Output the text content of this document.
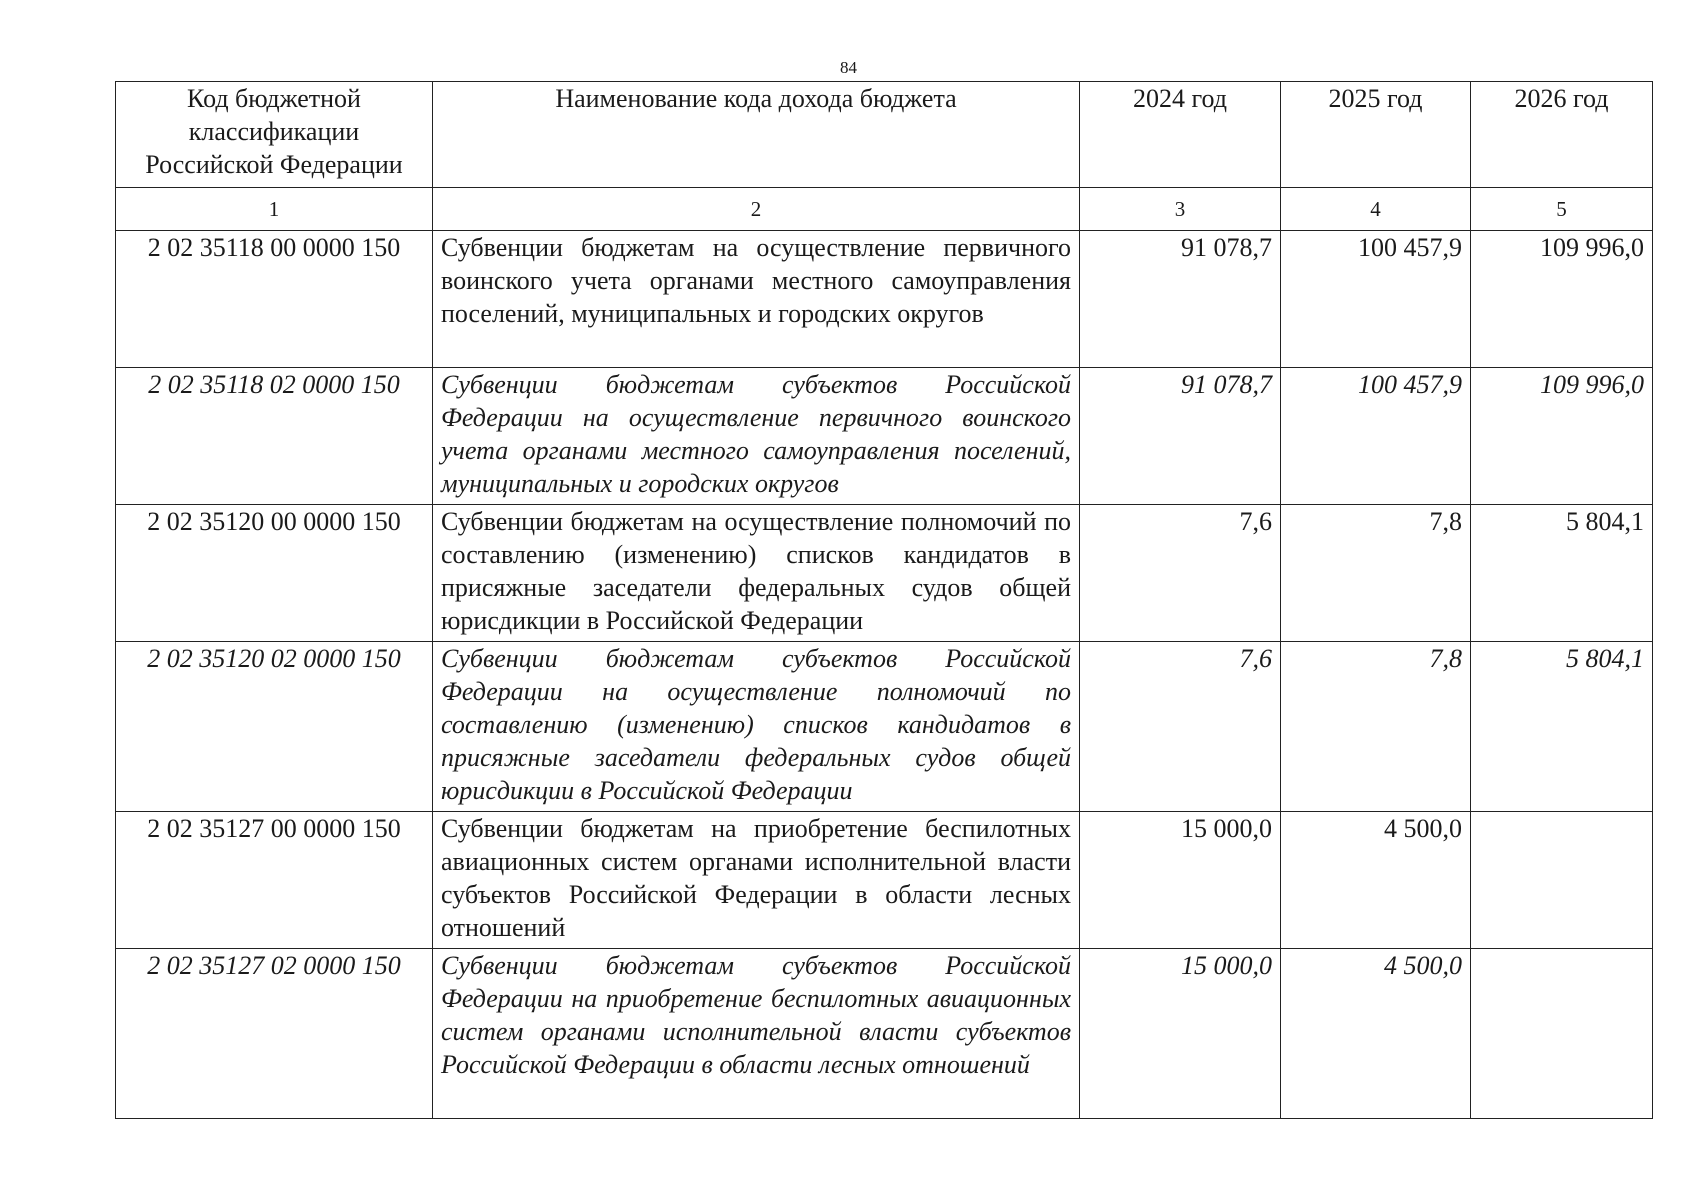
84
Код бюджетной классификации Российской Федерации	Наименование кода дохода бюджета	2024 год	2025 год	2026 год
1	2	3	4	5
2 02 35118 00 0000 150	Субвенции бюджетам на осуществление первичного воинского учета органами местного самоуправления поселений, муниципальных и городских округов	91 078,7	100 457,9	109 996,0
2 02 35118 02 0000 150	Субвенции бюджетам субъектов Российской Федерации на осуществление первичного воинского учета органами местного самоуправления поселений, муниципальных и городских округов	91 078,7	100 457,9	109 996,0
2 02 35120 00 0000 150	Субвенции бюджетам на осуществление полномочий по составлению (изменению) списков кандидатов в присяжные заседатели федеральных судов общей юрисдикции в Российской Федерации	7,6	7,8	5 804,1
2 02 35120 02 0000 150	Субвенции бюджетам субъектов Российской Федерации на осуществление полномочий по составлению (изменению) списков кандидатов в присяжные заседатели федеральных судов общей юрисдикции в Российской Федерации	7,6	7,8	5 804,1
2 02 35127 00 0000 150	Субвенции бюджетам на приобретение беспилотных авиационных систем органами исполнительной власти субъектов Российской Федерации в области лесных отношений	15 000,0	4 500,0	
2 02 35127 02 0000 150	Субвенции бюджетам субъектов Российской Федерации на приобретение беспилотных авиационных систем органами исполнительной власти субъектов Российской Федерации в области лесных отношений	15 000,0	4 500,0	
